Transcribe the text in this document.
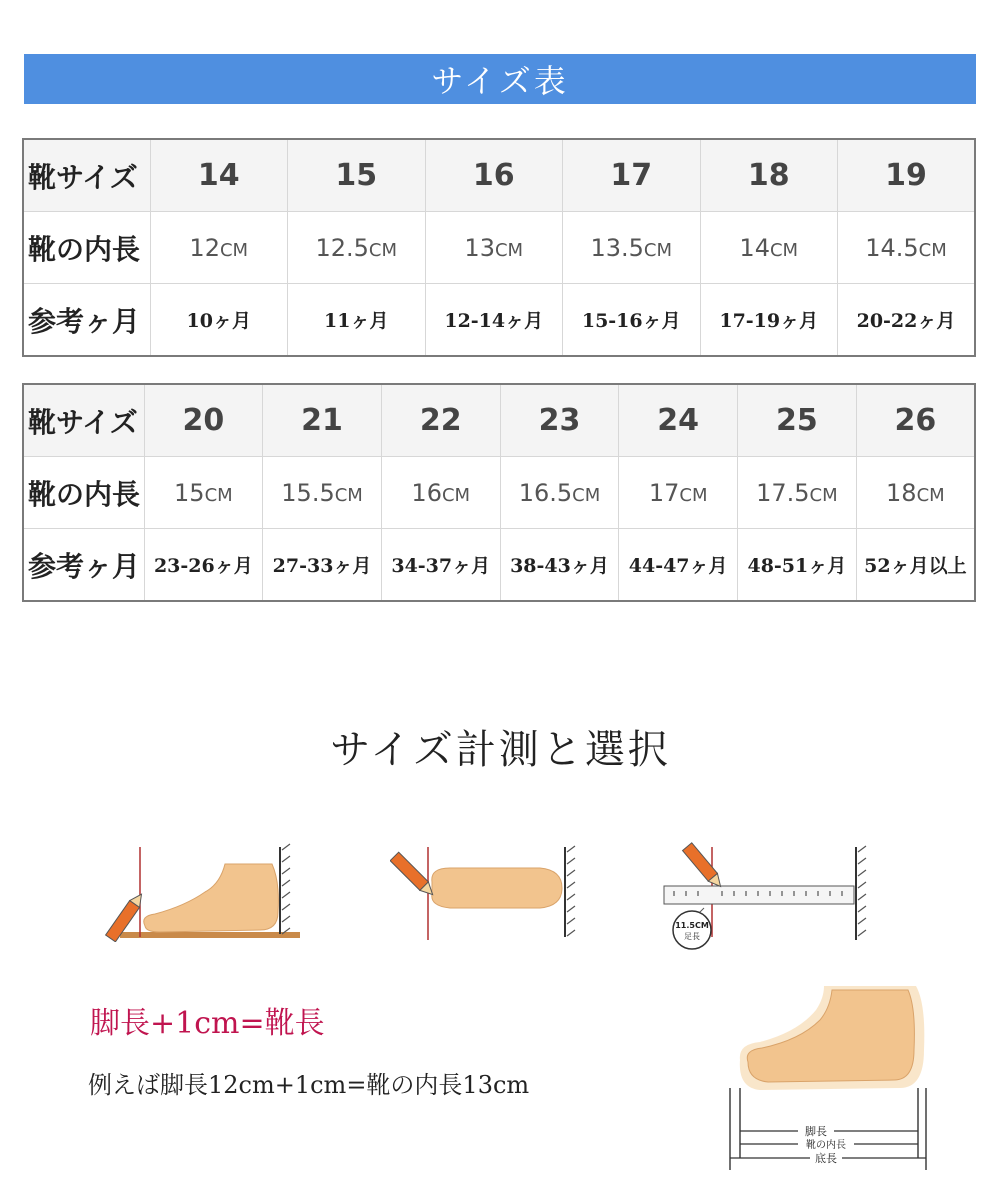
サイズ表
靴サイズ	14	15	16	17	18	19
靴の内長	12CM	12.5CM	13CM	13.5CM	14CM	14.5CM
参考ヶ月	10ヶ月	11ヶ月	12-14ヶ月	15-16ヶ月	17-19ヶ月	20-22ヶ月
靴サイズ	20	21	22	23	24	25	26
靴の内長	15CM	15.5CM	16CM	16.5CM	17CM	17.5CM	18CM
参考ヶ月	23-26ヶ月	27-33ヶ月	34-37ヶ月	38-43ヶ月	44-47ヶ月	48-51ヶ月	52ヶ月以上
サイズ計測と選択
11.5CM
足長
脚長+1cm=靴長
例えば脚長12cm+1cm=靴の内長13cm
脚長
靴の内長
底長
